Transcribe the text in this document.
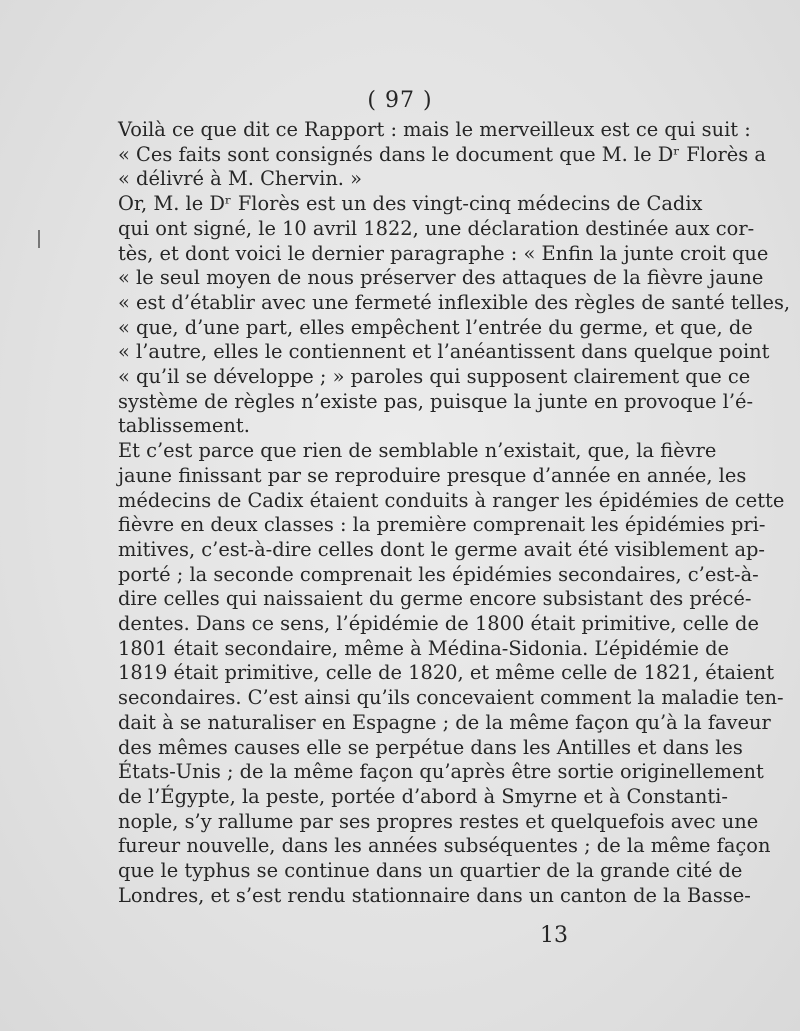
( 97 )
Voilà ce que dit ce Rapport : mais le merveilleux est ce qui suit :
« Ces faits sont consignés dans le document que M. le Dʳ Florès a
« délivré à M. Chervin. »
Or, M. le Dʳ Florès est un des vingt-cinq médecins de Cadix
qui ont signé, le 10 avril 1822, une déclaration destinée aux cor-
tès, et dont voici le dernier paragraphe : « Enfin la junte croit que
« le seul moyen de nous préserver des attaques de la fièvre jaune
« est d’établir avec une fermeté inflexible des règles de santé telles,
« que, d’une part, elles empêchent l’entrée du germe, et que, de
« l’autre, elles le contiennent et l’anéantissent dans quelque point
« qu’il se développe ; » paroles qui supposent clairement que ce
système de règles n’existe pas, puisque la junte en provoque l’é-
tablissement.
Et c’est parce que rien de semblable n’existait, que, la fièvre
jaune finissant par se reproduire presque d’année en année, les
médecins de Cadix étaient conduits à ranger les épidémies de cette
fièvre en deux classes : la première comprenait les épidémies pri-
mitives, c’est-à-dire celles dont le germe avait été visiblement ap-
porté ; la seconde comprenait les épidémies secondaires, c’est-à-
dire celles qui naissaient du germe encore subsistant des précé-
dentes. Dans ce sens, l’épidémie de 1800 était primitive, celle de
1801 était secondaire, même à Médina-Sidonia. L’épidémie de
1819 était primitive, celle de 1820, et même celle de 1821, étaient
secondaires. C’est ainsi qu’ils concevaient comment la maladie ten-
dait à se naturaliser en Espagne ; de la même façon qu’à la faveur
des mêmes causes elle se perpétue dans les Antilles et dans les
États-Unis ; de la même façon qu’après être sortie originellement
de l’Égypte, la peste, portée d’abord à Smyrne et à Constanti-
nople, s’y rallume par ses propres restes et quelquefois avec une
fureur nouvelle, dans les années subséquentes ; de la même façon
que le typhus se continue dans un quartier de la grande cité de
Londres, et s’est rendu stationnaire dans un canton de la Basse-
13
